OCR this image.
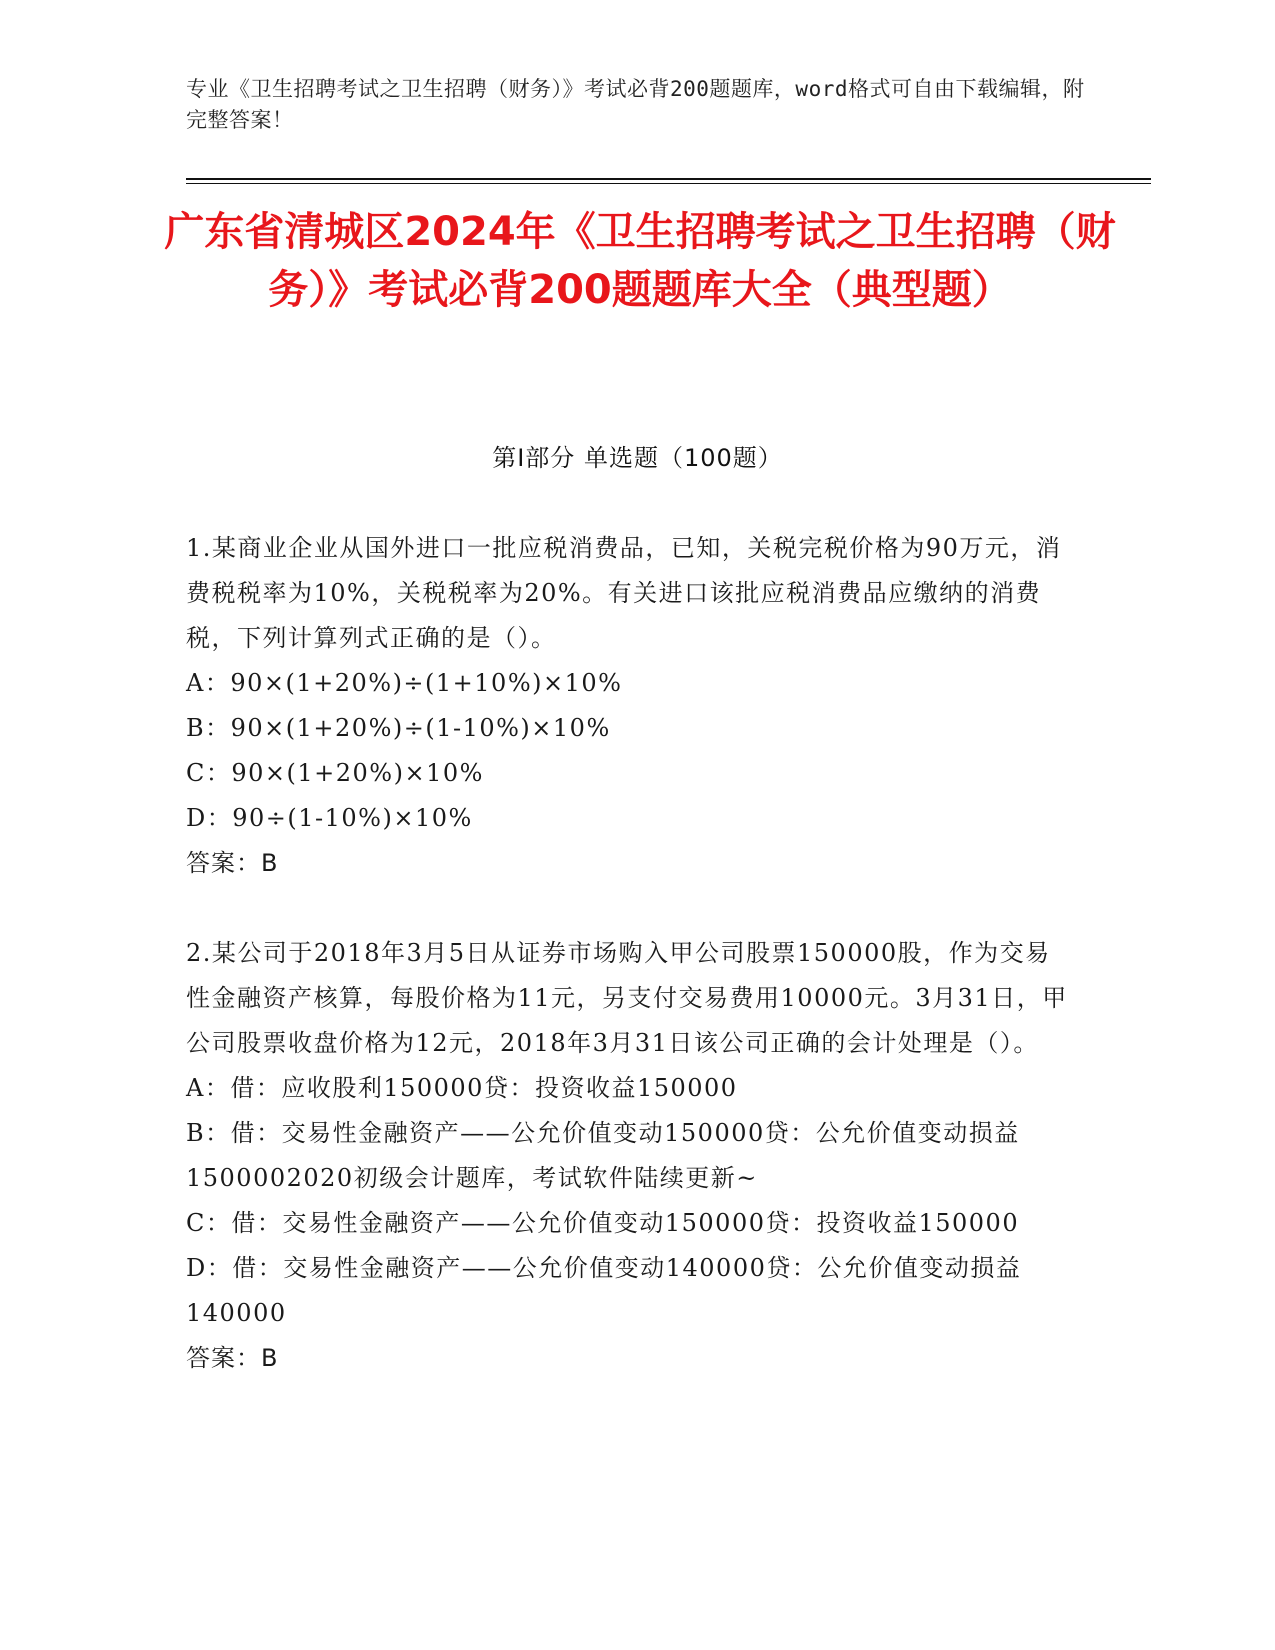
专业《卫生招聘考试之卫生招聘（财务）》考试必背200题题库，word格式可自由下载编辑，附完整答案！
广东省清城区2024年《卫生招聘考试之卫生招聘（财务）》考试必背200题题库大全（典型题）
第I部分 单选题（100题）

1.某商业企业从国外进口一批应税消费品，已知，关税完税价格为90万元，消费税税率为10%，关税税率为20%。有关进口该批应税消费品应缴纳的消费税，下列计算列式正确的是（）。

A：90×(1+20%)÷(1+10%)×10%

B：90×(1+20%)÷(1-10%)×10%

C：90×(1+20%)×10%

D：90÷(1-10%)×10%

答案：B

2.某公司于2018年3月5日从证券市场购入甲公司股票150000股，作为交易性金融资产核算，每股价格为11元，另支付交易费用10000元。3月31日，甲公司股票收盘价格为12元，2018年3月31日该公司正确的会计处理是（）。

A：借：应收股利150000贷：投资收益150000

B：借：交易性金融资产——公允价值变动150000贷：公允价值变动损益1500002020初级会计题库，考试软件陆续更新~

C：借：交易性金融资产——公允价值变动150000贷：投资收益150000

D：借：交易性金融资产——公允价值变动140000贷：公允价值变动损益140000

答案：B
